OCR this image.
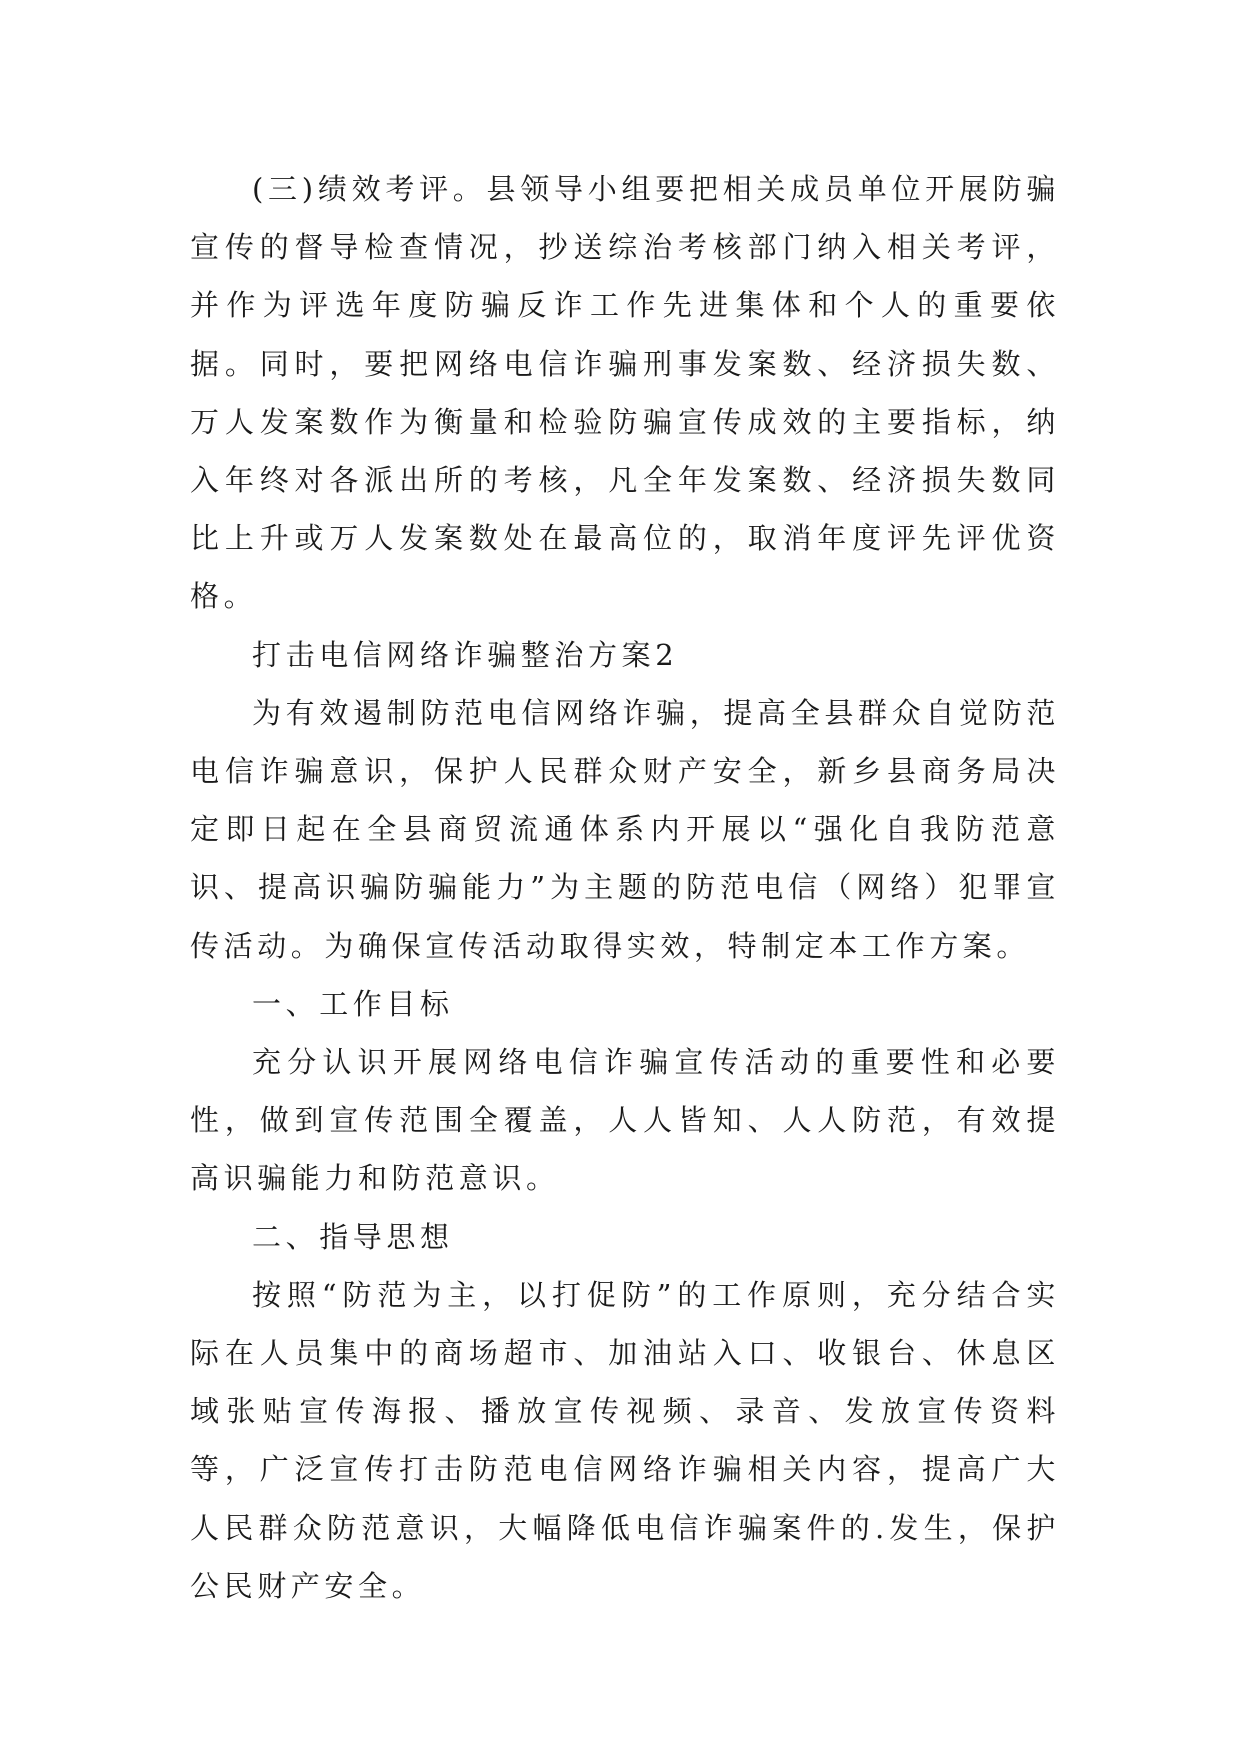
(三)绩效考评。县领导小组要把相关成员单位开展防骗宣传的督导检查情况，抄送综治考核部门纳入相关考评，并作为评选年度防骗反诈工作先进集体和个人的重要依据。同时，要把网络电信诈骗刑事发案数、经济损失数、万人发案数作为衡量和检验防骗宣传成效的主要指标，纳入年终对各派出所的考核，凡全年发案数、经济损失数同比上升或万人发案数处在最高位的，取消年度评先评优资格。

打击电信网络诈骗整治方案2

为有效遏制防范电信网络诈骗，提高全县群众自觉防范电信诈骗意识，保护人民群众财产安全，新乡县商务局决定即日起在全县商贸流通体系内开展以“强化自我防范意识、提高识骗防骗能力”为主题的防范电信（网络）犯罪宣传活动。为确保宣传活动取得实效，特制定本工作方案。

一、工作目标

充分认识开展网络电信诈骗宣传活动的重要性和必要性，做到宣传范围全覆盖，人人皆知、人人防范，有效提高识骗能力和防范意识。

二、指导思想

按照“防范为主，以打促防”的工作原则，充分结合实际在人员集中的商场超市、加油站入口、收银台、休息区域张贴宣传海报、播放宣传视频、录音、发放宣传资料等，广泛宣传打击防范电信网络诈骗相关内容，提高广大人民群众防范意识，大幅降低电信诈骗案件的.发生，保护公民财产安全。
